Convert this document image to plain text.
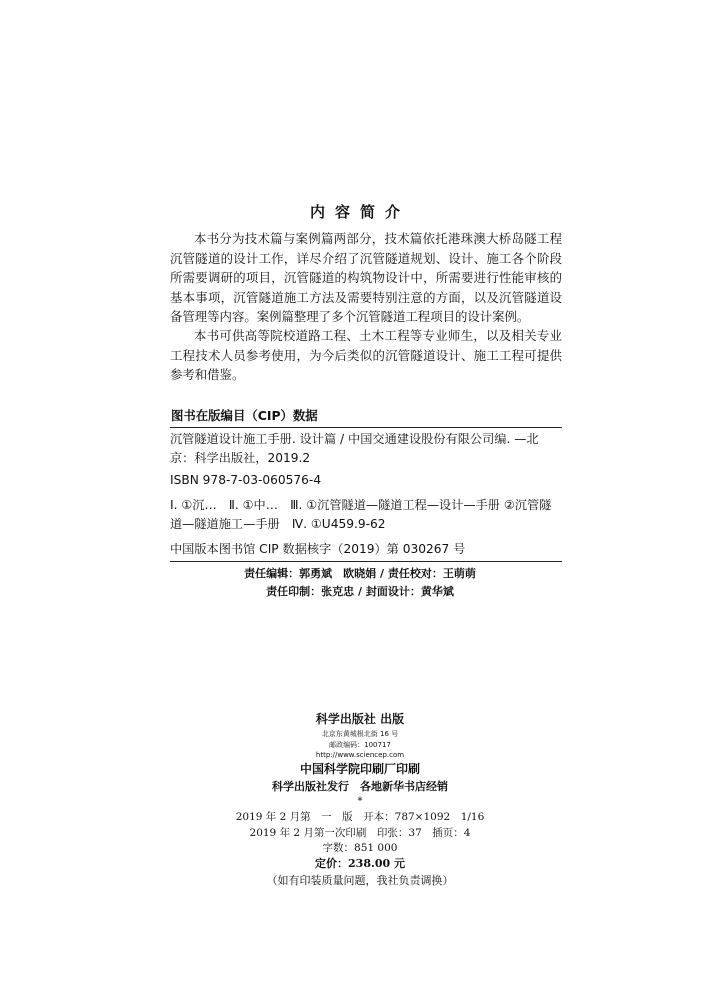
内容简介
本书分为技术篇与案例篇两部分，技术篇依托港珠澳大桥岛隧工程沉管隧道的设计工作，详尽介绍了沉管隧道规划、设计、施工各个阶段所需要调研的项目，沉管隧道的构筑物设计中，所需要进行性能审核的基本事项，沉管隧道施工方法及需要特别注意的方面，以及沉管隧道设备管理等内容。案例篇整理了多个沉管隧道工程项目的设计案例。
本书可供高等院校道路工程、土木工程等专业师生，以及相关专业工程技术人员参考使用，为今后类似的沉管隧道设计、施工工程可提供参考和借鉴。
图书在版编目（CIP）数据
沉管隧道设计施工手册. 设计篇 / 中国交通建设股份有限公司编. —北京：科学出版社，2019.2
ISBN 978-7-03-060576-4
Ⅰ. ①沉…　Ⅱ. ①中…　Ⅲ. ①沉管隧道—隧道工程—设计—手册 ②沉管隧道—隧道施工—手册　Ⅳ. ①U459.9-62
中国版本图书馆 CIP 数据核字（2019）第 030267 号
责任编辑：郭勇斌　欧晓娟 / 责任校对：王萌萌
责任印制：张克忠 / 封面设计：黄华斌
科学出版社 出版
北京东黄城根北街 16 号
邮政编码：100717
http://www.sciencep.com
中国科学院印刷厂印刷
科学出版社发行　各地新华书店经销
*
2019 年 2 月第　一　版　开本：787×1092　1/16
2019 年 2 月第一次印刷　印张：37　插页：4
字数：851 000
定价：238.00 元
（如有印装质量问题，我社负责调换）
